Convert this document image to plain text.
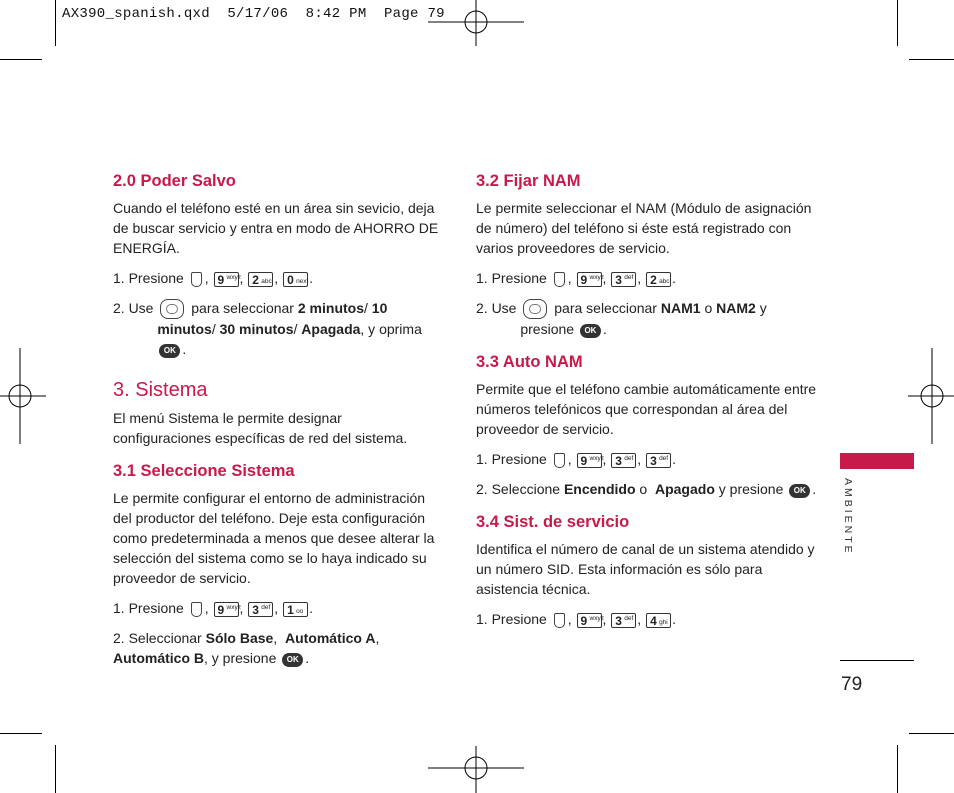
AX390_spanish.qxd  5/17/06  8:42 PM  Page 79
2.0 Poder Salvo

Cuando el teléfono esté en un área sin sevicio, deja de buscar servicio y entra en modo de AHORRO DE ENERGÍA.

1. Presione , 9 wxyz
, 2 abc , 0 next .
2. Use
	para seleccionar 2 minutos/ 10 minutos/ 30 minutos/ Apagada, y oprima OK .
3. Sistema

El menú Sistema le permite designar configuraciones específicas de red del sistema.

3.1 Seleccione Sistema

Le permite configurar el entorno de administración del productor del teléfono. Deje esta configuración como predeterminada a menos que desee alterar la selección del sistema como se lo haya indicado su proveedor de servicio.

1. Presione , 9 wxyz
, 3 def , 1 oo .
2. Seleccionar Sólo Base,  Automático A, Automático B, y presione OK .
3.2 Fijar NAM

Le permite seleccionar el NAM (Módulo de asignación de número) del teléfono si éste está registrado con varios proveedores de servicio.

1. Presione , 9 wxyz
, 3 def , 2 abc .
2. Use
	para seleccionar NAM1 o NAM2 y presione OK .
3.3 Auto NAM

Permite que el teléfono cambie automáticamente entre números telefónicos que correspondan al área del proveedor de servicio.

1. Presione , 9 wxyz
, 3 def , 3 def .
2. Seleccione Encendido o Apagado y presione OK .
3.4 Sist. de servicio

Identifica el número de canal de un sistema atendido y un número SID. Esta información es sólo para asistencia técnica.

1. Presione , 9 wxyz
, 3 def , 4 ghi .
AMBIENTE
79
